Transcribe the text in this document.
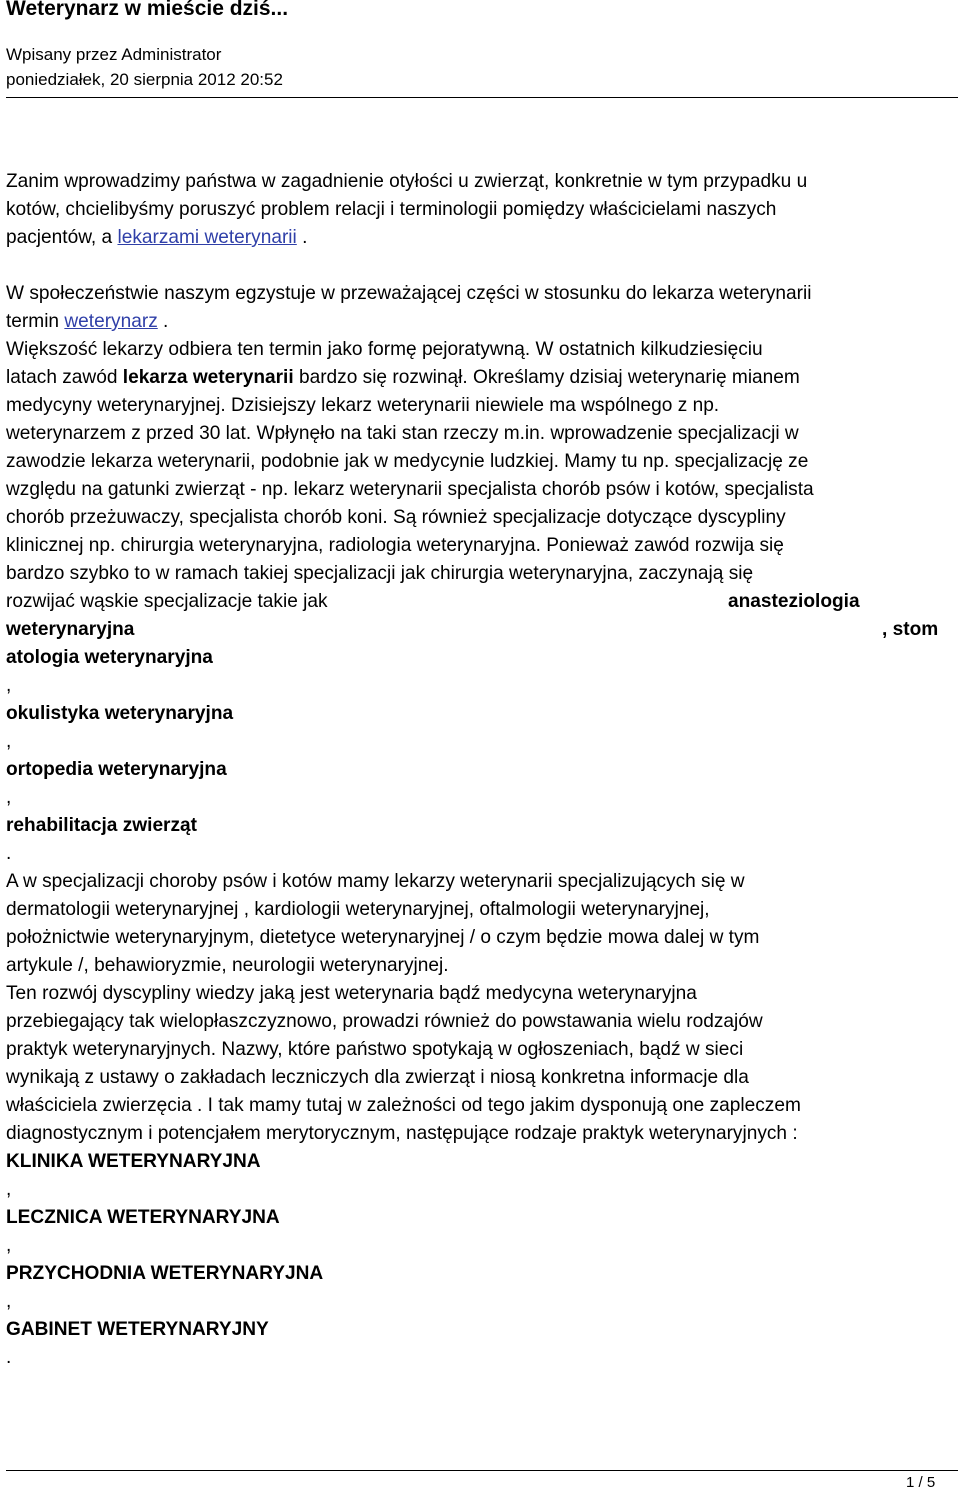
Weterynarz w mieście dziś...
Wpisany przez Administrator
poniedziałek, 20 sierpnia 2012 20:52
Zanim wprowadzimy państwa w zagadnienie otyłości u zwierząt, konkretnie w tym przypadku u
kotów, chcielibyśmy poruszyć problem relacji i terminologii pomiędzy właścicielami naszych
pacjentów, a lekarzami weterynarii .
W społeczeństwie naszym egzystuje w przeważającej części w stosunku do lekarza weterynarii
termin weterynarz .
Większość lekarzy odbiera ten termin jako formę pejoratywną. W ostatnich kilkudziesięciu
latach zawód lekarza weterynarii bardzo się rozwinął. Określamy dzisiaj weterynarię mianem
medycyny weterynaryjnej. Dzisiejszy lekarz weterynarii niewiele ma wspólnego z np.
weterynarzem z przed 30 lat. Wpłynęło na taki stan rzeczy m.in. wprowadzenie specjalizacji w
zawodzie lekarza weterynarii, podobnie jak w medycynie ludzkiej. Mamy tu np. specjalizację ze
względu na gatunki zwierząt - np. lekarz weterynarii specjalista chorób psów i kotów, specjalista
chorób przeżuwaczy, specjalista chorób koni. Są również specjalizacje dotyczące dyscypliny
klinicznej np. chirurgia weterynaryjna, radiologia weterynaryjna. Ponieważ zawód rozwija się
bardzo szybko to w ramach takiej specjalizacji jak chirurgia weterynaryjna, zaczynają się
rozwijać wąskie specjalizacje takie jak	anasteziologia
weterynaryjna	, stom
atologia weterynaryjna
,
okulistyka weterynaryjna
,
ortopedia weterynaryjna
,
rehabilitacja zwierząt
.
A w specjalizacji choroby psów i kotów mamy lekarzy weterynarii specjalizujących się w
dermatologii weterynaryjnej , kardiologii weterynaryjnej, oftalmologii weterynaryjnej,
położnictwie weterynaryjnym, dietetyce weterynaryjnej / o czym będzie mowa dalej w tym
artykule /, behawioryzmie, neurologii weterynaryjnej.
Ten rozwój dyscypliny wiedzy jaką jest weterynaria bądź medycyna weterynaryjna
przebiegający tak wielopłaszczyznowo, prowadzi również do powstawania wielu rodzajów
praktyk weterynaryjnych. Nazwy, które państwo spotykają w ogłoszeniach, bądź w sieci
wynikają z ustawy o zakładach leczniczych dla zwierząt i niosą konkretna informacje dla
właściciela zwierzęcia . I tak mamy tutaj w zależności od tego jakim dysponują one zapleczem
diagnostycznym i potencjałem merytorycznym, następujące rodzaje praktyk weterynaryjnych :
KLINIKA WETERYNARYJNA
,
LECZNICA WETERYNARYJNA
,
PRZYCHODNIA WETERYNARYJNA
,
GABINET WETERYNARYJNY
.
1 / 5
